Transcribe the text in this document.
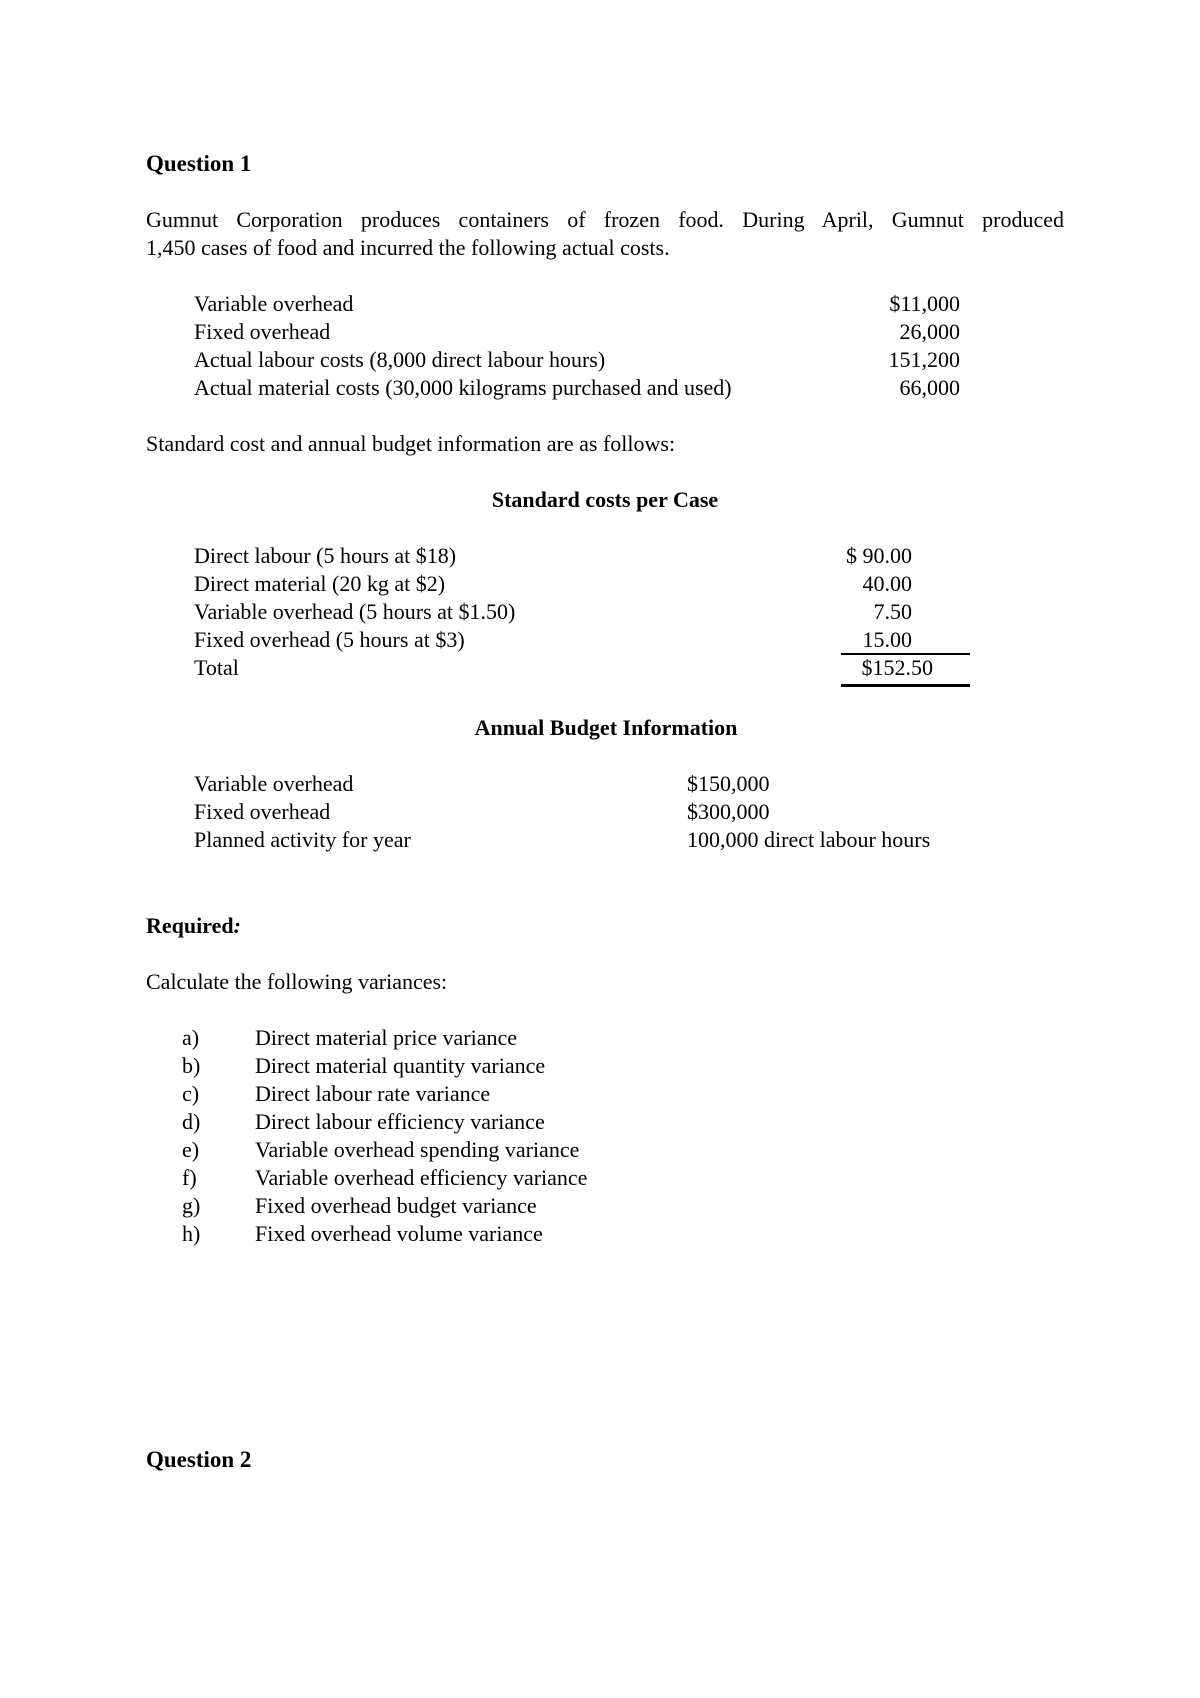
Question 1
Gumnut Corporation produces containers of frozen food. During April, Gumnut produced
1,450 cases of food and incurred the following actual costs.
Variable overhead	$11,000
Fixed overhead	26,000
Actual labour costs (8,000 direct labour hours)	151,200
Actual material costs (30,000 kilograms purchased and used)	66,000
Standard cost and annual budget information are as follows:
Standard costs per Case
Direct labour (5 hours at $18)	$ 90.00
Direct material (20 kg at $2)	40.00
Variable overhead (5 hours at $1.50)	7.50
Fixed overhead (5 hours at $3)	15.00
Total	$152.50
Annual Budget Information
Variable overhead	$150,000
Fixed overhead	$300,000
Planned activity for year	100,000 direct labour hours
Required:
Calculate the following variances:
a)	Direct material price variance
b) Direct material quantity variance
c)	Direct labour rate variance
d) Direct labour efficiency variance
e)	Variable overhead spending variance
f)	Variable overhead efficiency variance
g) Fixed overhead budget variance
h) Fixed overhead volume variance
Question 2
